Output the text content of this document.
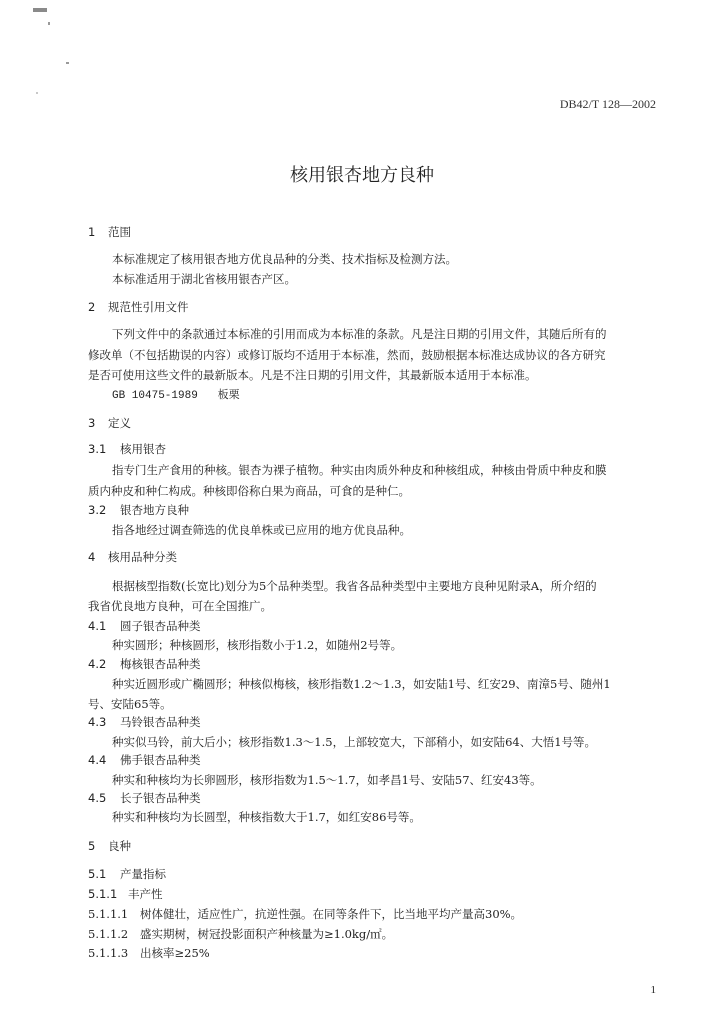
DB42/T 128—2002
核用银杏地方良种
1 范围
本标准规定了核用银杏地方优良品种的分类、技术指标及检测方法。
本标准适用于湖北省核用银杏产区。
2 规范性引用文件
下列文件中的条款通过本标准的引用而成为本标准的条款。凡是注日期的引用文件，其随后所有的
修改单（不包括勘误的内容）或修订版均不适用于本标准，然而，鼓励根据本标准达成协议的各方研究
是否可使用这些文件的最新版本。凡是不注日期的引用文件，其最新版本适用于本标准。
GB 10475-1989   板栗
3 定义
3.1 核用银杏
指专门生产食用的种核。银杏为裸子植物。种实由肉质外种皮和种核组成，种核由骨质中种皮和膜
质内种皮和种仁构成。种核即俗称白果为商品，可食的是种仁。
3.2 银杏地方良种
指各地经过调查筛选的优良单株或已应用的地方优良品种。
4 核用品种分类
根据核型指数(长宽比)划分为5个品种类型。我省各品种类型中主要地方良种见附录A，所介绍的
我省优良地方良种，可在全国推广。
4.1 圆子银杏品种类
种实圆形；种核圆形，核形指数小于1.2，如随州2号等。
4.2 梅核银杏品种类
种实近圆形或广椭圆形；种核似梅核，核形指数1.2～1.3，如安陆1号、红安29、南漳5号、随州1
号、安陆65等。
4.3 马铃银杏品种类
种实似马铃，前大后小；核形指数1.3～1.5，上部较宽大，下部稍小，如安陆64、大悟1号等。
4.4 佛手银杏品种类
种实和种核均为长卵圆形，核形指数为1.5～1.7，如孝昌1号、安陆57、红安43等。
4.5 长子银杏品种类
种实和种核均为长圆型，种核指数大于1.7，如红安86号等。
5 良种
5.1 产量指标
5.1.1 丰产性
5.1.1.1 树体健壮，适应性广，抗逆性强。在同等条件下，比当地平均产量高30%。
5.1.1.2 盛实期树，树冠投影面积产种核量为≥1.0kg/㎡。
5.1.1.3 出核率≥25%
1
